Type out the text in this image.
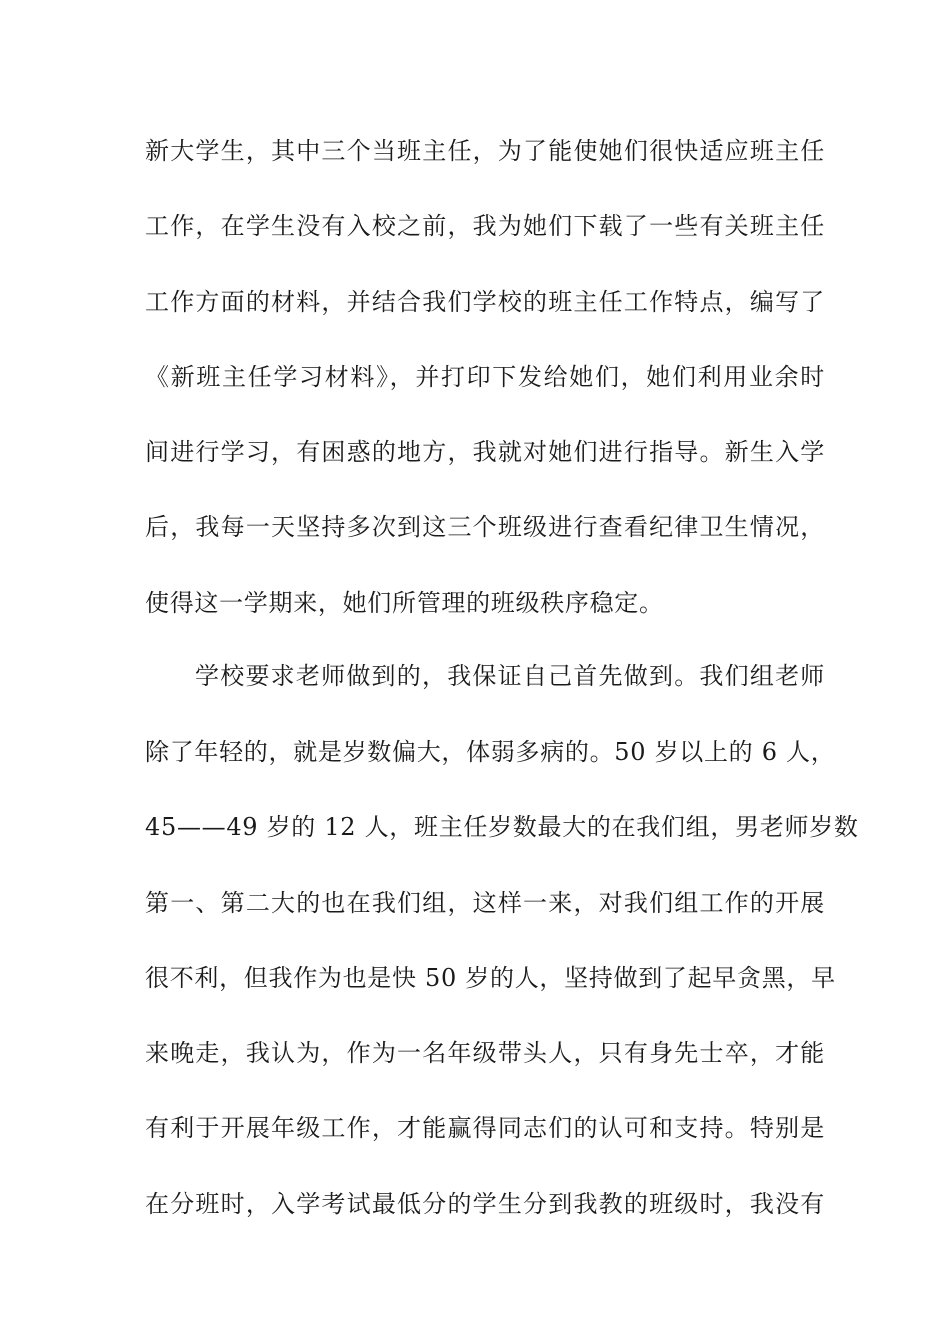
新大学生，其中三个当班主任，为了能使她们很快适应班主任
工作，在学生没有入校之前，我为她们下载了一些有关班主任
工作方面的材料，并结合我们学校的班主任工作特点，编写了
《新班主任学习材料》，并打印下发给她们，她们利用业余时
间进行学习，有困惑的地方，我就对她们进行指导。新生入学
后，我每一天坚持多次到这三个班级进行查看纪律卫生情况，
使得这一学期来，她们所管理的班级秩序稳定。
学校要求老师做到的，我保证自己首先做到。我们组老师
除了年轻的，就是岁数偏大，体弱多病的。50 岁以上的 6 人，
45——49 岁的 12 人，班主任岁数最大的在我们组，男老师岁数
第一、第二大的也在我们组，这样一来，对我们组工作的开展
很不利，但我作为也是快 50 岁的人，坚持做到了起早贪黑，早
来晚走，我认为，作为一名年级带头人，只有身先士卒，才能
有利于开展年级工作，才能赢得同志们的认可和支持。特别是
在分班时，入学考试最低分的学生分到我教的班级时，我没有
